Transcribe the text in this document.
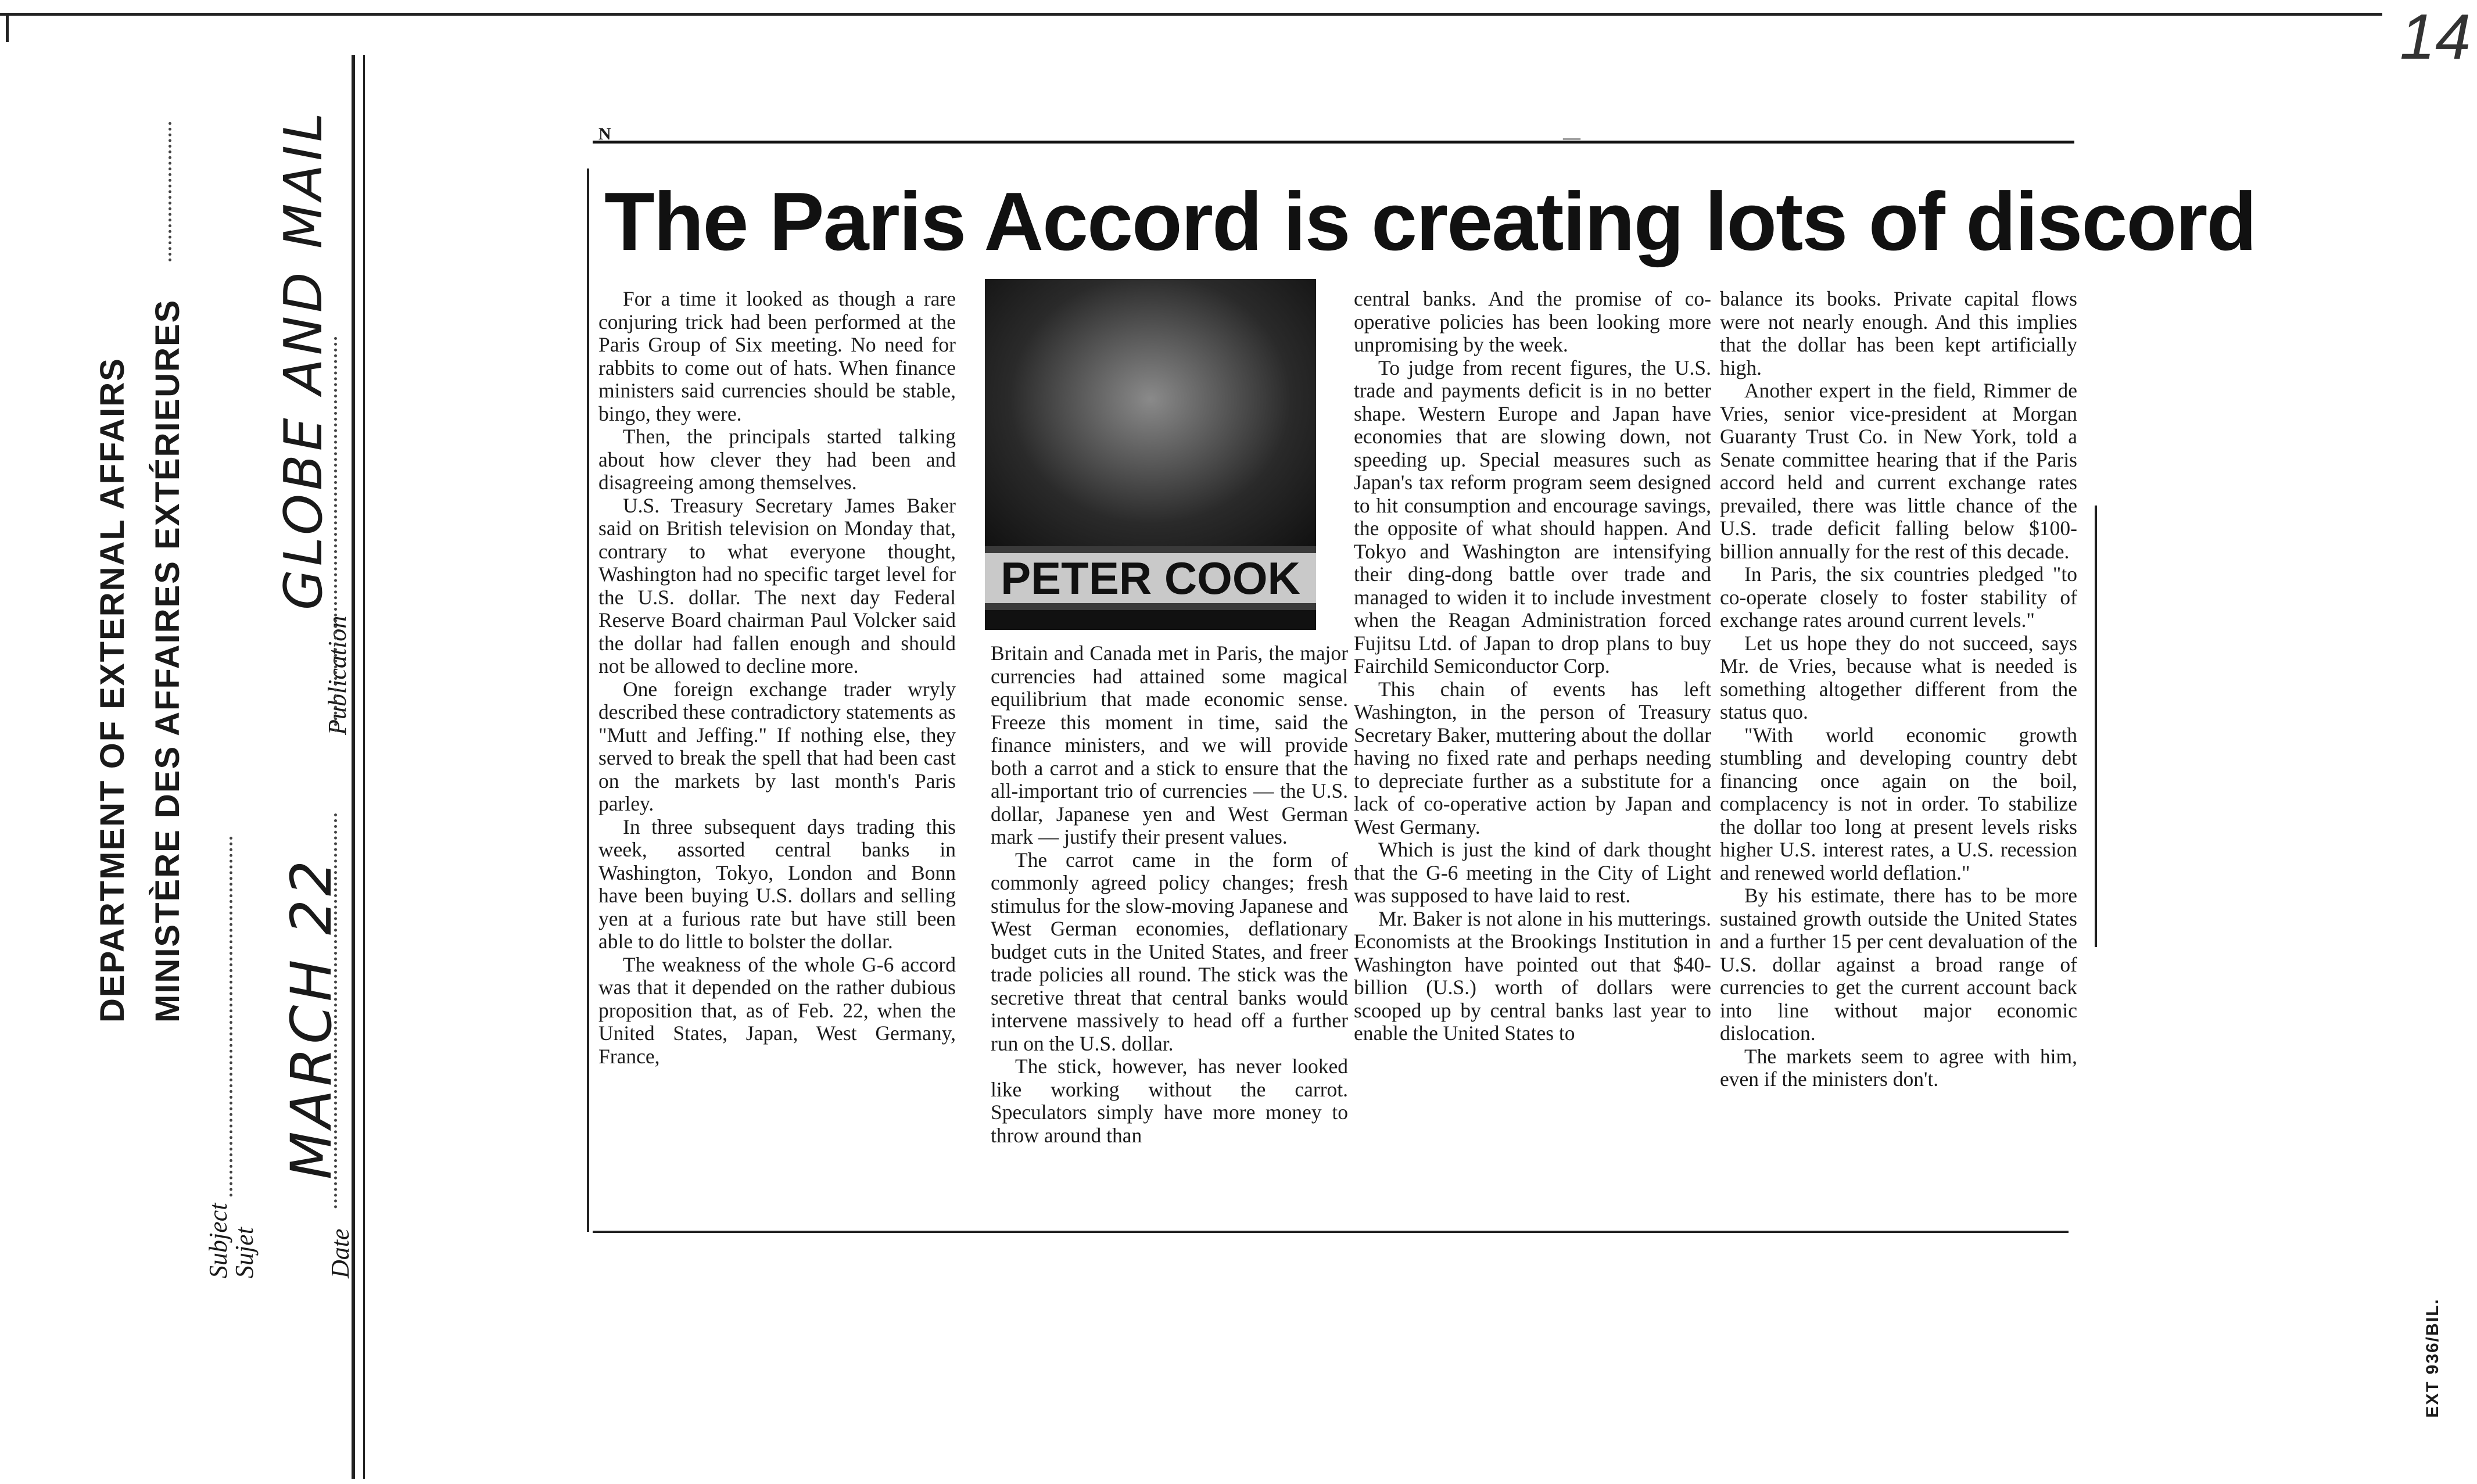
14
DEPARTMENT OF EXTERNAL AFFAIRS MINISTÈRE DES AFFAIRES EXTÉRIEURES
Subject
Sujet	Date
MARCH 22
Publication
GLOBE AND MAIL	N	—
The Paris Accord is creating lots of discord

For a time it looked as though a rare conjuring trick had been performed at the Paris Group of Six meeting. No need for rabbits to come out of hats. When finance ministers said currencies should be stable, bingo, they were.

Then, the principals started talking about how clever they had been and disagreeing among themselves.

U.S. Treasury Secretary James Baker said on British television on Monday that, contrary to what everyone thought, Washington had no specific target level for the U.S. dollar. The next day Federal Reserve Board chairman Paul Volcker said the dollar had fallen enough and should not be allowed to decline more.

One foreign exchange trader wryly described these contradictory statements as "Mutt and Jeffing." If nothing else, they served to break the spell that had been cast on the markets by last month's Paris parley.

In three subsequent days trading this week, assorted central banks in Washington, Tokyo, London and Bonn have been buying U.S. dollars and selling yen at a furious rate but have still been able to do little to bolster the dollar.

The weakness of the whole G-6 accord was that it depended on the rather dubious proposition that, as of Feb. 22, when the United States, Japan, West Germany, France,

PETER COOK

Britain and Canada met in Paris, the major currencies had attained some magical equilibrium that made economic sense. Freeze this moment in time, said the finance ministers, and we will provide both a carrot and a stick to ensure that the all-important trio of currencies — the U.S. dollar, Japanese yen and West German mark — justify their present values.

The carrot came in the form of commonly agreed policy changes; fresh stimulus for the slow-moving Japanese and West German economies, deflationary budget cuts in the United States, and freer trade policies all round. The stick was the secretive threat that central banks would intervene massively to head off a further run on the U.S. dollar.

The stick, however, has never looked like working without the carrot. Speculators simply have more money to throw around than

central banks. And the promise of co-operative policies has been looking more unpromising by the week.

To judge from recent figures, the U.S. trade and payments deficit is in no better shape. Western Europe and Japan have economies that are slowing down, not speeding up. Special measures such as Japan's tax reform program seem designed to hit consumption and encourage savings, the opposite of what should happen. And Tokyo and Washington are intensifying their ding-dong battle over trade and managed to widen it to include investment when the Reagan Administration forced Fujitsu Ltd. of Japan to drop plans to buy Fairchild Semiconductor Corp.

This chain of events has left Washington, in the person of Treasury Secretary Baker, muttering about the dollar having no fixed rate and perhaps needing to depreciate further as a substitute for a lack of co-operative action by Japan and West Germany.

Which is just the kind of dark thought that the G-6 meeting in the City of Light was supposed to have laid to rest.

Mr. Baker is not alone in his mutterings. Economists at the Brookings Institution in Washington have pointed out that $40-billion (U.S.) worth of dollars were scooped up by central banks last year to enable the United States to

balance its books. Private capital flows were not nearly enough. And this implies that the dollar has been kept artificially high.

Another expert in the field, Rimmer de Vries, senior vice-president at Morgan Guaranty Trust Co. in New York, told a Senate committee hearing that if the Paris accord held and current exchange rates prevailed, there was little chance of the U.S. trade deficit falling below $100-billion annually for the rest of this decade.

In Paris, the six countries pledged "to co-operate closely to foster stability of exchange rates around current levels."

Let us hope they do not succeed, says Mr. de Vries, because what is needed is something altogether different from the status quo.

"With world economic growth stumbling and developing country debt financing once again on the boil, complacency is not in order. To stabilize the dollar too long at present levels risks higher U.S. interest rates, a U.S. recession and renewed world deflation."

By his estimate, there has to be more sustained growth outside the United States and a further 15 per cent devaluation of the U.S. dollar against a broad range of currencies to get the current account back into line without major economic dislocation.

The markets seem to agree with him, even if the ministers don't.

EXT 936/BIL.
